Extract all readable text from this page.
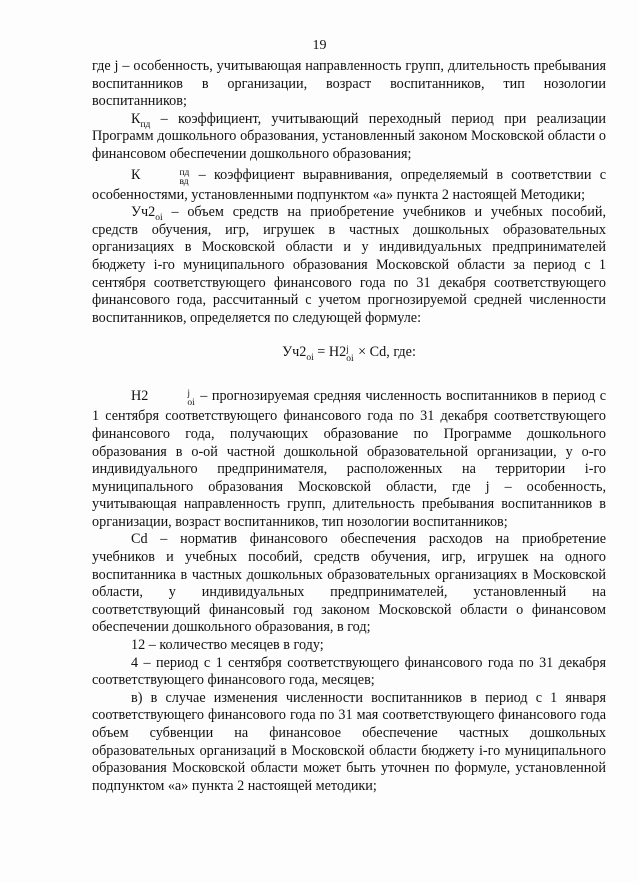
19

где j – особенность, учитывающая направленность групп, длительность пребывания воспитанников в организации, возраст воспитанников, тип нозологии воспитанников;

$К_{пд}$ – коэффициент, учитывающий переходный период при реализации Программ дошкольного образования, установленный законом Московской области о финансовом обеспечении дошкольного образования;

К	пд
вд – коэффициент выравнивания, определяемый в соответствии с особенностями, установленными подпунктом «а» пункта 2 настоящей Методики;

$Уч2_{oi}$ – объем средств на приобретение учебников и учебных пособий, средств обучения, игр, игрушек в частных дошкольных образовательных организациях в Московской области и у индивидуальных предпринимателей бюджету i-го муниципального образования Московской области за период с 1 сентября соответствующего финансового года по 31 декабря соответствующего финансового года, рассчитанный с учетом прогнозируемой средней численности воспитанников, определяется по следующей формуле:

$Уч2_{oi} = Н2$ j
oi × Cd, где:

Н2	j
oi – прогнозируемая средняя численность воспитанников в период с 1 сентября соответствующего финансового года по 31 декабря соответствующего финансового года, получающих образование по Программе дошкольного образования в o-ой частной дошкольной образовательной организации, у o-го индивидуального предпринимателя, расположенных на территории i-го муниципального образования Московской области, где j – особенность, учитывающая направленность групп, длительность пребывания воспитанников в организации, возраст воспитанников, тип нозологии воспитанников;

Cd – норматив финансового обеспечения расходов на приобретение учебников и учебных пособий, средств обучения, игр, игрушек на одного воспитанника в частных дошкольных образовательных организациях в Московской области, у индивидуальных предпринимателей, установленный на соответствующий финансовый год законом Московской области о финансовом обеспечении дошкольного образования, в год;

12 – количество месяцев в году;

4 – период с 1 сентября соответствующего финансового года по 31 декабря соответствующего финансового года, месяцев;

в) в случае изменения численности воспитанников в период с 1 января соответствующего финансового года по 31 мая соответствующего финансового года объем субвенции на финансовое обеспечение частных дошкольных образовательных организаций в Московской области бюджету i-го муниципального образования Московской области может быть уточнен по формуле, установленной подпунктом «а» пункта 2 настоящей методики;
